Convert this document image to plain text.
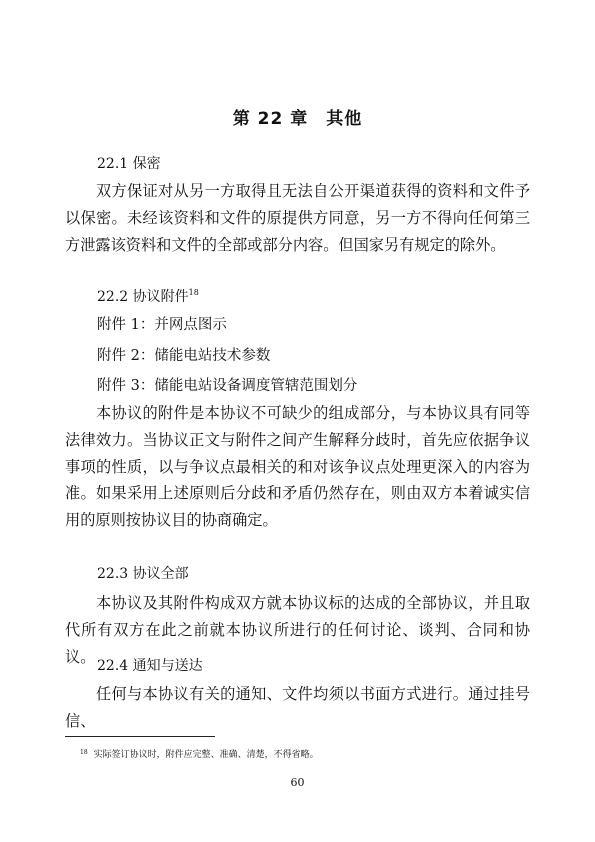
第 22 章 其他
22.1 保密

双方保证对从另一方取得且无法自公开渠道获得的资料和文件予以保密。未经该资料和文件的原提供方同意，另一方不得向任何第三方泄露该资料和文件的全部或部分内容。但国家另有规定的除外。

22.2 协议附件$^{18}$
附件 1：并网点图示
附件 2：储能电站技术参数
附件 3：储能电站设备调度管辖范围划分

本协议的附件是本协议不可缺少的组成部分，与本协议具有同等法律效力。当协议正文与附件之间产生解释分歧时，首先应依据争议事项的性质，以与争议点最相关的和对该争议点处理更深入的内容为准。如果采用上述原则后分歧和矛盾仍然存在，则由双方本着诚实信用的原则按协议目的协商确定。

22.3 协议全部

本协议及其附件构成双方就本协议标的达成的全部协议，并且取代所有双方在此之前就本协议所进行的任何讨论、谈判、合同和协议。

22.4 通知与送达

任何与本协议有关的通知、文件均须以书面方式进行。通过挂号信、

$^{18}$ 实际签订协议时，附件应完整、准确、清楚，不得省略。
60
